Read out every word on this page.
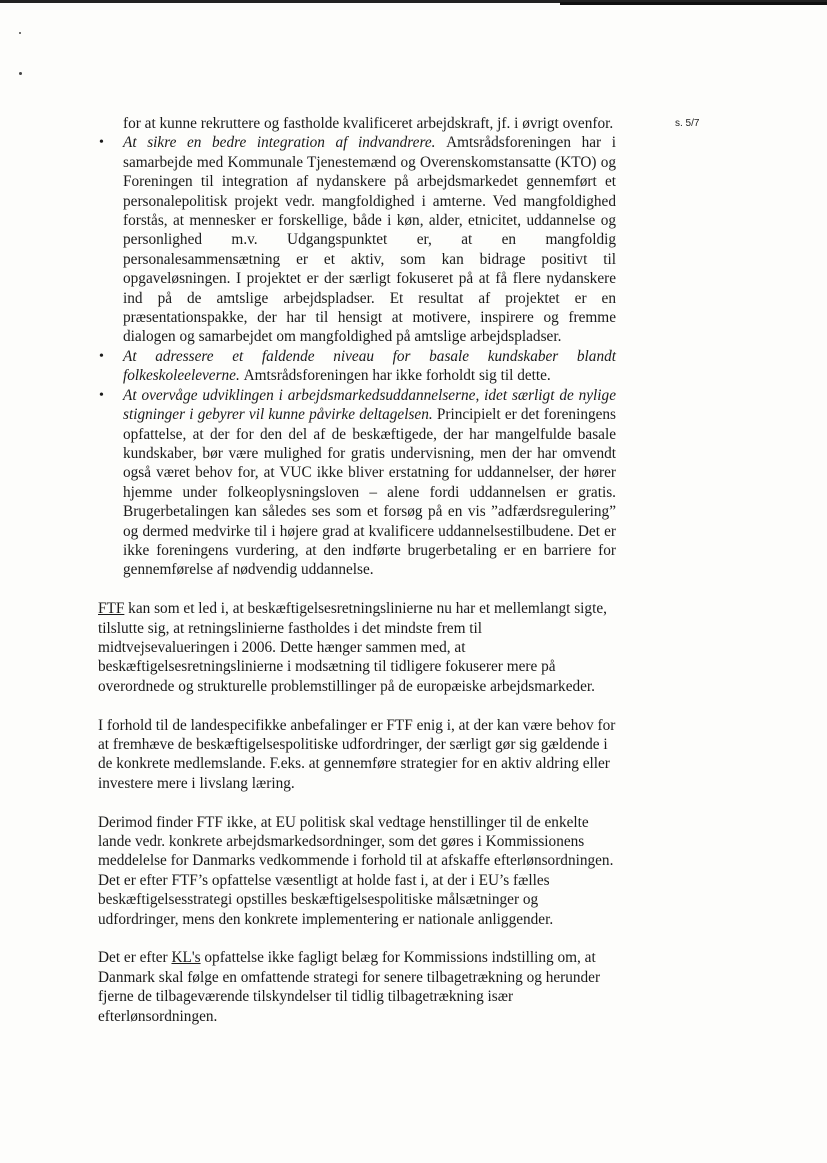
s. 5/7

for at kunne rekruttere og fastholde kvalificeret arbejdskraft, jf. i øvrigt ovenfor.

• At sikre en bedre integration af indvandrere. Amtsrådsforeningen har i samarbejde med Kommunale Tjenestemænd og Overenskomstansatte (KTO) og Foreningen til integration af nydanskere på arbejdsmarkedet gennemført et personalepolitisk projekt vedr. mangfoldighed i amterne. Ved mangfoldighed forstås, at mennesker er forskellige, både i køn, alder, etnicitet, uddannelse og personlighed m.v. Udgangspunktet er, at en mangfoldig personalesammensætning er et aktiv, som kan bidrage positivt til opgaveløsningen. I projektet er der særligt fokuseret på at få flere nydanskere ind på de amtslige arbejdspladser. Et resultat af projektet er en præsentationspakke, der har til hensigt at motivere, inspirere og fremme dialogen og samarbejdet om mangfoldighed på amtslige arbejdspladser.
• At adressere et faldende niveau for basale kundskaber blandt folkeskoleeleverne. Amtsrådsforeningen har ikke forholdt sig til dette.
• At overvåge udviklingen i arbejdsmarkedsuddannelserne, idet særligt de nylige stigninger i gebyrer vil kunne påvirke deltagelsen. Principielt er det foreningens opfattelse, at der for den del af de beskæftigede, der har mangelfulde basale kundskaber, bør være mulighed for gratis undervisning, men der har omvendt også været behov for, at VUC ikke bliver erstatning for uddannelser, der hører hjemme under folkeoplysningsloven – alene fordi uddannelsen er gratis. Brugerbetalingen kan således ses som et forsøg på en vis ”adfærdsregulering” og dermed medvirke til i højere grad at kvalificere uddannelsestilbudene. Det er ikke foreningens vurdering, at den indførte brugerbetaling er en barriere for gennemførelse af nødvendig uddannelse.

FTF kan som et led i, at beskæftigelsesretningslinierne nu har et mellemlangt sigte, tilslutte sig, at retningslinierne fastholdes i det mindste frem til midtvejsevalueringen i 2006. Dette hænger sammen med, at beskæftigelsesretningslinierne i modsætning til tidligere fokuserer mere på overordnede og strukturelle problemstillinger på de europæiske arbejdsmarkeder.

I forhold til de landespecifikke anbefalinger er FTF enig i, at der kan være behov for at fremhæve de beskæftigelsespolitiske udfordringer, der særligt gør sig gældende i de konkrete medlemslande. F.eks. at gennemføre strategier for en aktiv aldring eller investere mere i livslang læring.

Derimod finder FTF ikke, at EU politisk skal vedtage henstillinger til de enkelte lande vedr. konkrete arbejdsmarkedsordninger, som det gøres i Kommissionens meddelelse for Danmarks vedkommende i forhold til at afskaffe efterlønsordningen. Det er efter FTF’s opfattelse væsentligt at holde fast i, at der i EU’s fælles beskæftigelsesstrategi opstilles beskæftigelsespolitiske målsætninger og udfordringer, mens den konkrete implementering er nationale anliggender.

Det er efter KL's opfattelse ikke fagligt belæg for Kommissions indstilling om, at Danmark skal følge en omfattende strategi for senere tilbagetrækning og herunder fjerne de tilbageværende tilskyndelser til tidlig tilbagetrækning især efterlønsordningen.
